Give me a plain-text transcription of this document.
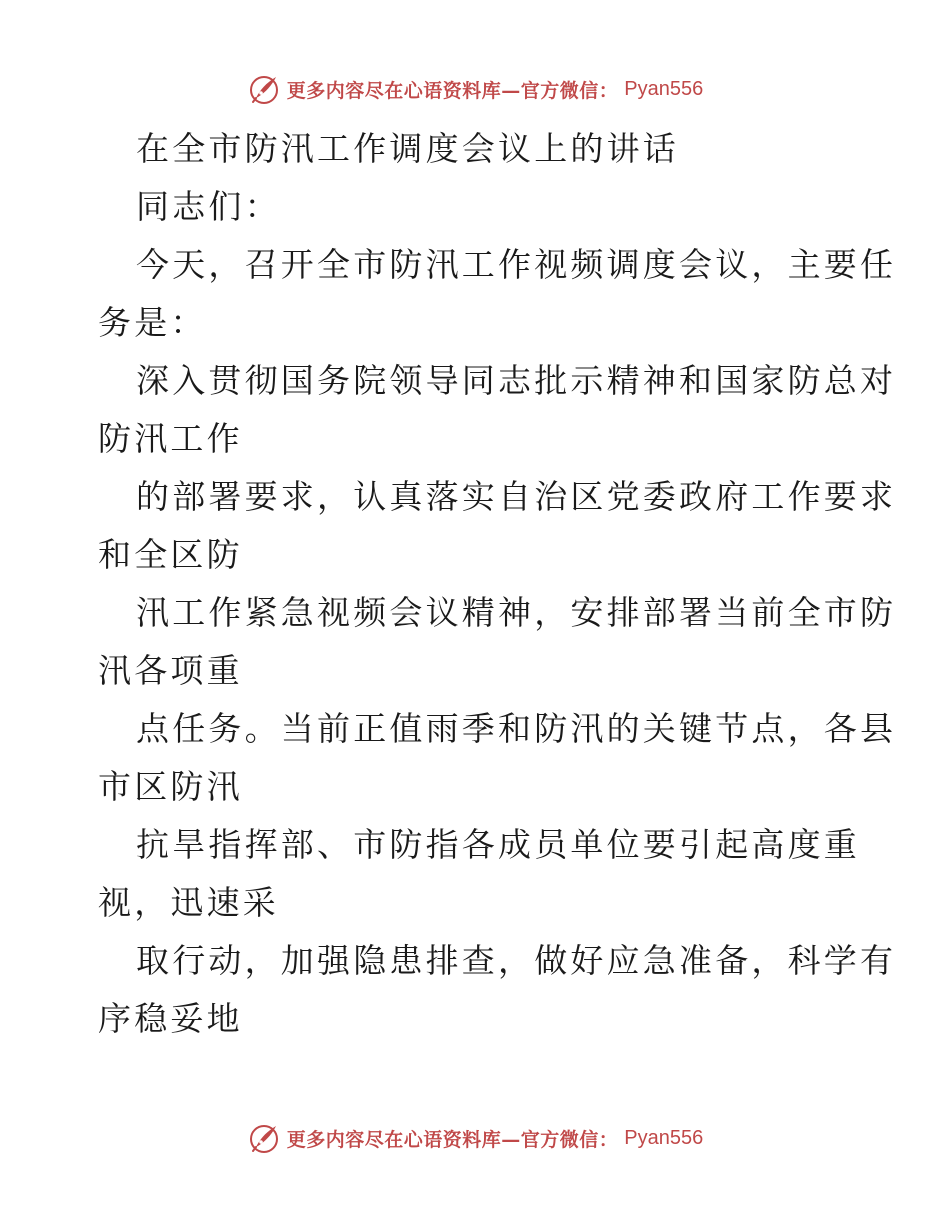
更多内容尽在心语资料库—官方微信： Pyan556
在全市防汛工作调度会议上的讲话
同志们：
今天，召开全市防汛工作视频调度会议，主要任
务是：
深入贯彻国务院领导同志批示精神和国家防总对
防汛工作
的部署要求，认真落实自治区党委政府工作要求
和全区防
汛工作紧急视频会议精神，安排部署当前全市防
汛各项重
点任务。当前正值雨季和防汛的关键节点，各县
市区防汛
抗旱指挥部、市防指各成员单位要引起高度重
视，迅速采
取行动，加强隐患排查，做好应急准备，科学有
序稳妥地
更多内容尽在心语资料库—官方微信： Pyan556
